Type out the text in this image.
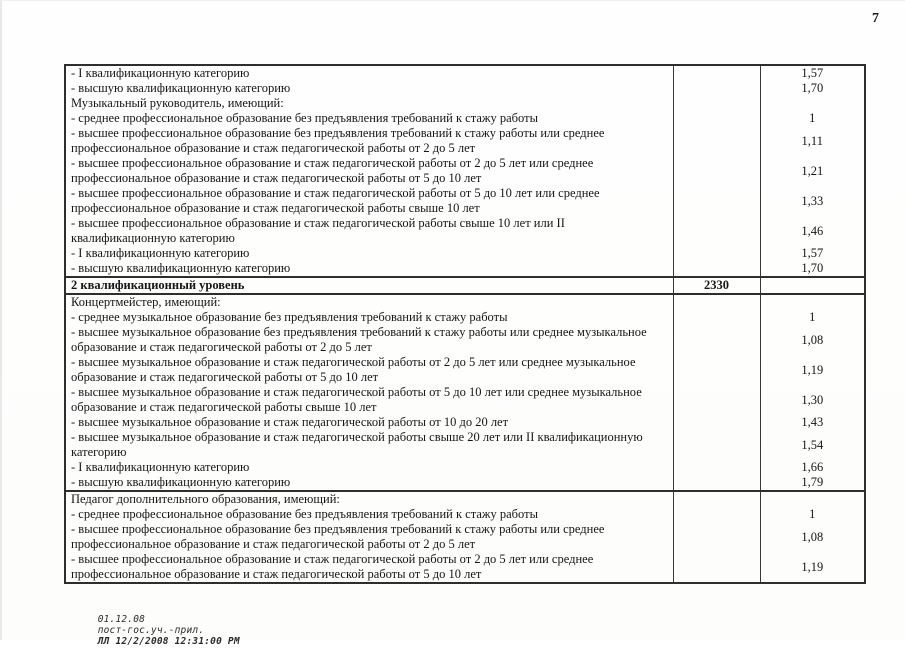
7
- I квалификационную категорию		1,57
- высшую квалификационную категорию		1,70
Музыкальный руководитель, имеющий:		
- среднее профессиональное образование без предъявления требований к стажу работы		1
- высшее профессиональное образование без предъявления требований к стажу работы или среднее профессиональное образование и стаж педагогической работы от 2 до 5 лет		1,11
- высшее профессиональное образование и стаж педагогической работы от 2 до 5 лет или среднее профессиональное образование и стаж педагогической работы от 5 до 10 лет		1,21
- высшее профессиональное образование и стаж педагогической работы от 5 до 10 лет или среднее профессиональное образование и стаж педагогической работы свыше 10 лет		1,33
- высшее профессиональное образование и стаж педагогической работы свыше 10 лет или II квалификационную категорию		1,46
- I квалификационную категорию		1,57
- высшую квалификационную категорию		1,70
2 квалификационный уровень	2330	
Концертмейстер, имеющий:		
- среднее музыкальное образование без предъявления требований к стажу работы		1
- высшее музыкальное образование без предъявления требований к стажу работы или среднее музыкальное образование и стаж педагогической работы от 2 до 5 лет		1,08
- высшее музыкальное образование и стаж педагогической работы от 2 до 5 лет или среднее музыкальное образование и стаж педагогической работы от 5 до 10 лет		1,19
- высшее музыкальное образование и стаж педагогической работы от 5 до 10 лет или среднее музыкальное образование и стаж педагогической работы свыше 10 лет		1,30
- высшее музыкальное образование и стаж педагогической работы от 10 до 20 лет		1,43
- высшее музыкальное образование и стаж педагогической работы свыше 20 лет или II квалификационную категорию		1,54
- I квалификационную категорию		1,66
- высшую квалификационную категорию		1,79
Педагог дополнительного образования, имеющий:		
- среднее профессиональное образование без предъявления требований к стажу работы		1
- высшее профессиональное образование без предъявления требований к стажу работы или среднее профессиональное образование и стаж педагогической работы от 2 до 5 лет		1,08
- высшее профессиональное образование и стаж педагогической работы от 2 до 5 лет или среднее профессиональное образование и стаж педагогической работы от 5 до 10 лет		1,19

01.12.08
пост-гос.уч.-прил.
ЛЛ 12/2/2008 12:31:00 PM
